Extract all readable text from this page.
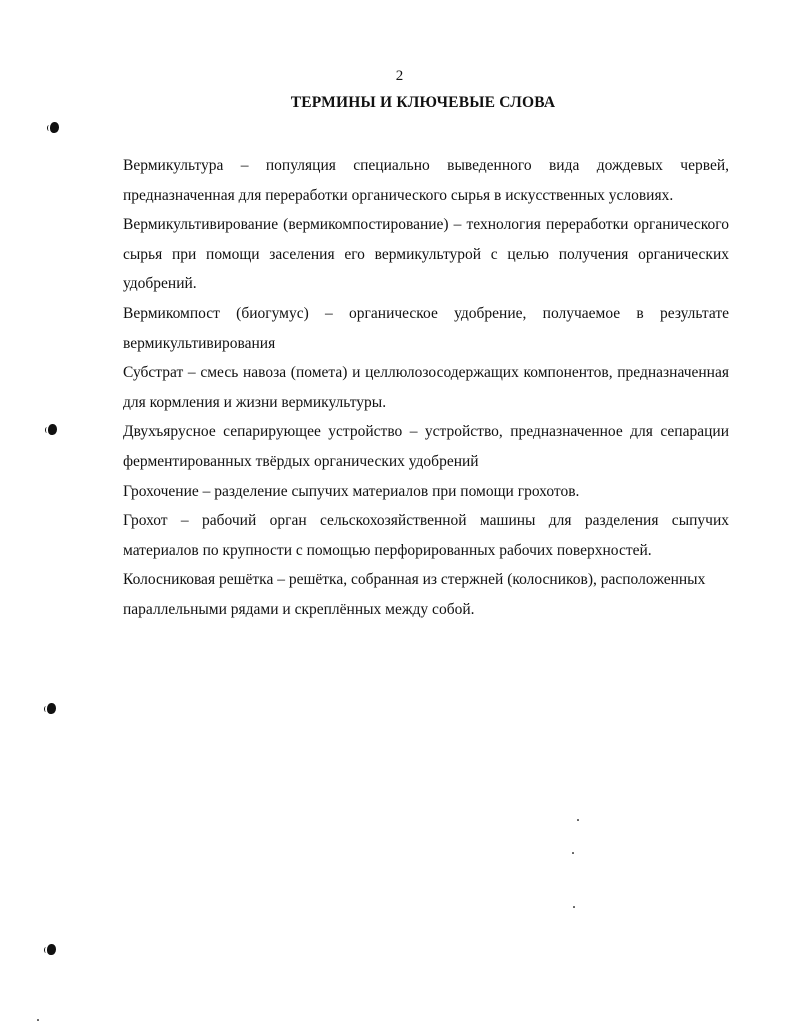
2
ТЕРМИНЫ И КЛЮЧЕВЫЕ СЛОВА

Вермикультура – популяция специально выведенного вида дождевых червей, предназначенная для переработки органического сырья в искусственных условиях.

Вермикультивирование (вермикомпостирование) – технология переработки органического сырья при помощи заселения его вермикультурой с целью получения органических удобрений.

Вермикомпост (биогумус) – органическое удобрение, получаемое в результате вермикультивирования

Субстрат – смесь навоза (помета) и целлюлозосодержащих компонентов, предназначенная для кормления и жизни вермикультуры.

Двухъярусное сепарирующее устройство – устройство, предназначенное для сепарации ферментированных твёрдых органических удобрений

Грохочение – разделение сыпучих материалов при помощи грохотов.

Грохот – рабочий орган сельскохозяйственной машины для разделения сыпучих материалов по крупности с помощью перфорированных рабочих поверхностей.

Колосниковая решётка – решётка, собранная из стержней (колосников), расположенных параллельными рядами и скреплённых между собой.
